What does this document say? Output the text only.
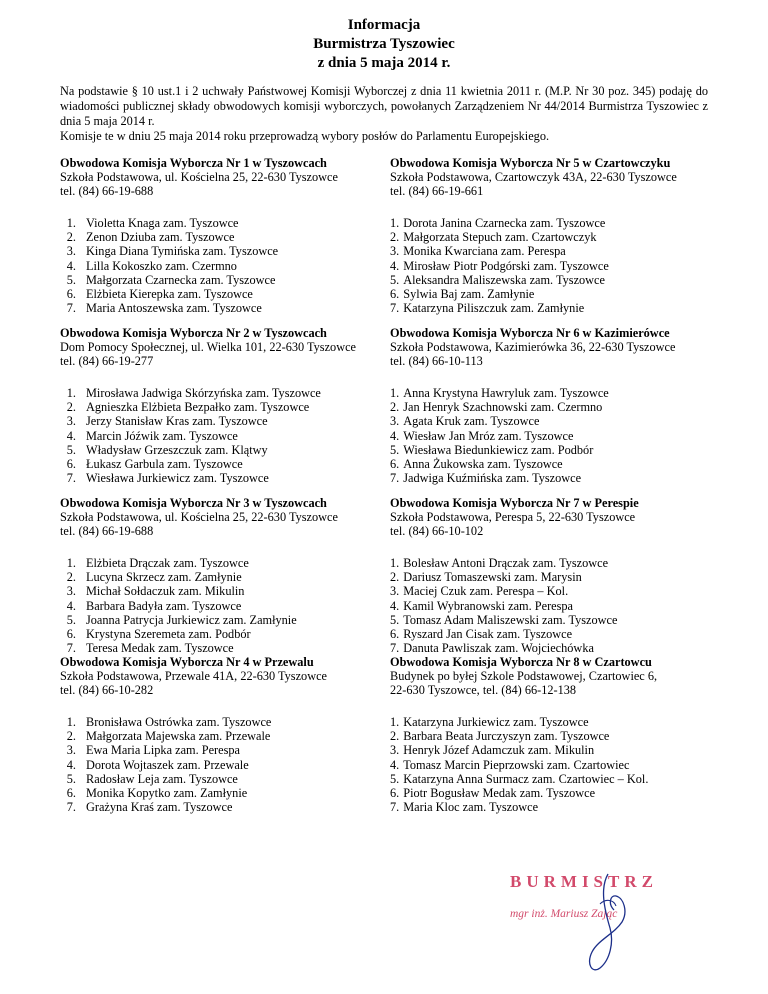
Informacja
Burmistrza Tyszowiec
z dnia 5 maja 2014 r.

Na podstawie § 10 ust.1 i 2 uchwały Państwowej Komisji Wyborczej z dnia 11 kwietnia 2011 r. (M.P. Nr 30 poz. 345) podaję do wiadomości publicznej składy obwodowych komisji wyborczych, powołanych Zarządzeniem Nr 44/2014 Burmistrza Tyszowiec z dnia 5 maja 2014 r.

Komisje te w dniu 25 maja 2014 roku przeprowadzą wybory posłów do Parlamentu Europejskiego.

Obwodowa Komisja Wyborcza Nr 1 w Tyszowcach
Szkoła Podstawowa, ul. Kościelna 25, 22-630 Tyszowce
tel. (84) 66-19-688
1. Violetta Knaga zam. Tyszowce
2. Zenon Dziuba zam. Tyszowce
3. Kinga Diana Tymińska zam. Tyszowce
4. Lilla Kokoszko zam. Czermno
5. Małgorzata Czarnecka zam. Tyszowce
6. Elżbieta Kierepka zam. Tyszowce
7. Maria Antoszewska zam. Tyszowce
Obwodowa Komisja Wyborcza Nr 2 w Tyszowcach
Dom Pomocy Społecznej, ul. Wielka 101, 22-630 Tyszowce
tel. (84) 66-19-277
1. Mirosława Jadwiga Skórzyńska zam. Tyszowce
2. Agnieszka Elżbieta Bezpałko zam. Tyszowce
3. Jerzy Stanisław Kras zam. Tyszowce
4. Marcin Jóźwik zam. Tyszowce
5. Władysław Grzeszczuk zam. Klątwy
6. Łukasz Garbula zam. Tyszowce
7. Wiesława Jurkiewicz zam. Tyszowce
Obwodowa Komisja Wyborcza Nr 3 w Tyszowcach
Szkoła Podstawowa, ul. Kościelna 25, 22-630 Tyszowce
tel. (84) 66-19-688
1. Elżbieta Drączak zam. Tyszowce
2. Lucyna Skrzecz zam. Zamłynie
3. Michał Sołdaczuk zam. Mikulin
4. Barbara Badyła zam. Tyszowce
5. Joanna Patrycja Jurkiewicz zam. Zamłynie
6. Krystyna Szeremeta zam. Podbór
7. Teresa Medak zam. Tyszowce
Obwodowa Komisja Wyborcza Nr 4 w Przewalu
Szkoła Podstawowa, Przewale 41A, 22-630 Tyszowce
tel. (84) 66-10-282
1. Bronisława Ostrówka zam. Tyszowce
2. Małgorzata Majewska zam. Przewale
3. Ewa Maria Lipka zam. Perespa
4. Dorota Wojtaszek zam. Przewale
5. Radosław Leja zam. Tyszowce
6. Monika Kopytko zam. Zamłynie
7. Grażyna Kraś zam. Tyszowce
Obwodowa Komisja Wyborcza Nr 5 w Czartowczyku
Szkoła Podstawowa, Czartowczyk 43A, 22-630 Tyszowce
tel. (84) 66-19-661
1. Dorota Janina Czarnecka zam. Tyszowce
2. Małgorzata Stepuch zam. Czartowczyk
3. Monika Kwarciana zam. Perespa
4. Mirosław Piotr Podgórski zam. Tyszowce
5. Aleksandra Maliszewska zam. Tyszowce
6. Sylwia Baj zam. Zamłynie
7. Katarzyna Piliszczuk zam. Zamłynie
Obwodowa Komisja Wyborcza Nr 6 w Kazimierówce
Szkoła Podstawowa, Kazimierówka 36, 22-630 Tyszowce
tel. (84) 66-10-113
1. Anna Krystyna Hawryluk zam. Tyszowce
2. Jan Henryk Szachnowski zam. Czermno
3. Agata Kruk zam. Tyszowce
4. Wiesław Jan Mróz zam. Tyszowce
5. Wiesława Biedunkiewicz zam. Podbór
6. Anna Żukowska zam. Tyszowce
7. Jadwiga Kuźmińska zam. Tyszowce
Obwodowa Komisja Wyborcza Nr 7 w Perespie
Szkoła Podstawowa, Perespa 5, 22-630 Tyszowce
tel. (84) 66-10-102
1. Bolesław Antoni Drączak zam. Tyszowce
2. Dariusz Tomaszewski zam. Marysin
3. Maciej Czuk zam. Perespa – Kol.
4. Kamil Wybranowski zam. Perespa
5. Tomasz Adam Maliszewski zam. Tyszowce
6. Ryszard Jan Cisak zam. Tyszowce
7. Danuta Pawliszak zam. Wojciechówka
Obwodowa Komisja Wyborcza Nr 8 w Czartowcu
Budynek po byłej Szkole Podstawowej, Czartowiec 6,
22-630 Tyszowce, tel. (84) 66-12-138
1. Katarzyna Jurkiewicz zam. Tyszowce
2. Barbara Beata Jurczyszyn zam. Tyszowce
3. Henryk Józef Adamczuk zam. Mikulin
4. Tomasz Marcin Pieprzowski zam. Czartowiec
5. Katarzyna Anna Surmacz zam. Czartowiec – Kol.
6. Piotr Bogusław Medak zam. Tyszowce
7. Maria Kloc zam. Tyszowce
BURMISTRZ
mgr inż. Mariusz Zając
